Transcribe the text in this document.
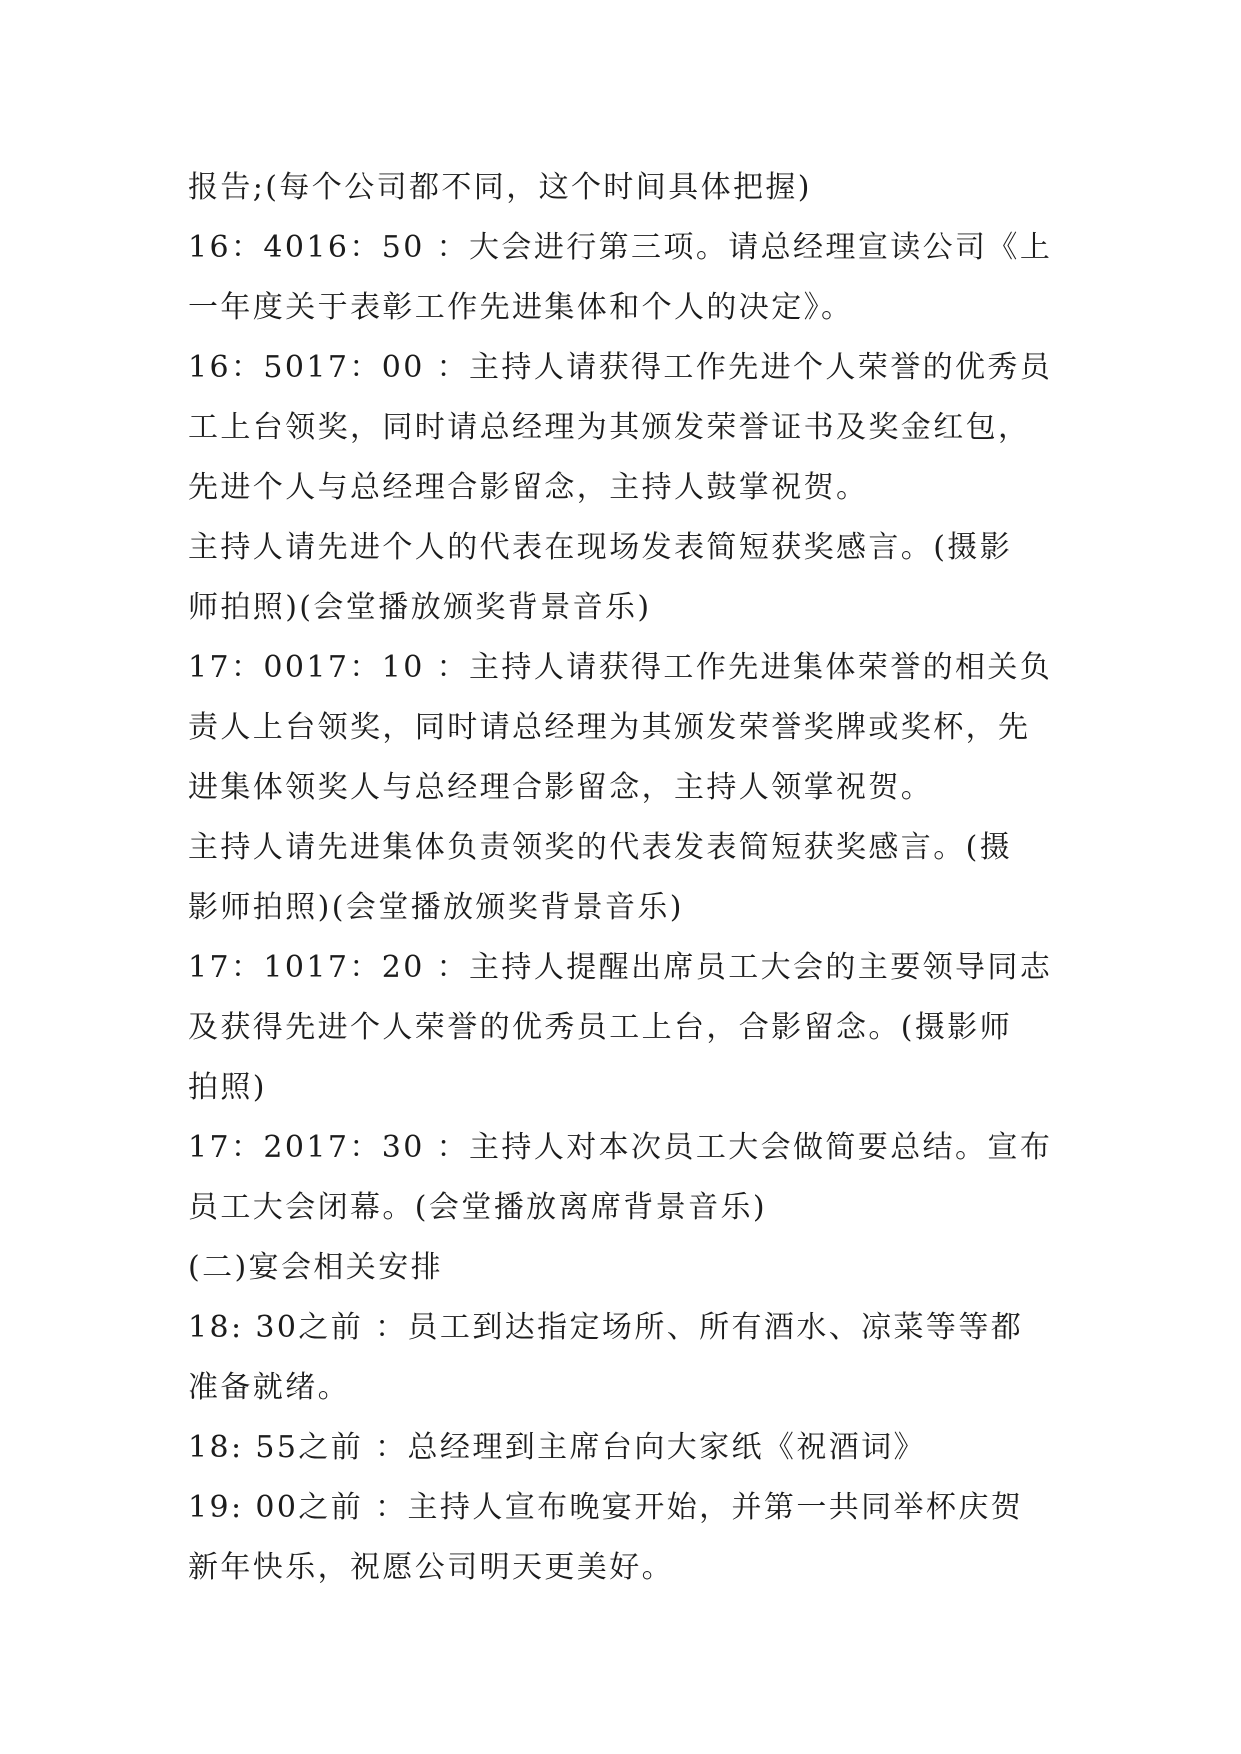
报告;(每个公司都不同，这个时间具体把握)
16：4016：50 ：大会进行第三项。请总经理宣读公司《上
一年度关于表彰工作先进集体和个人的决定》。
16：5017：00 ：主持人请获得工作先进个人荣誉的优秀员
工上台领奖，同时请总经理为其颁发荣誉证书及奖金红包，
先进个人与总经理合影留念，主持人鼓掌祝贺。
主持人请先进个人的代表在现场发表简短获奖感言。(摄影
师拍照)(会堂播放颁奖背景音乐)
17：0017：10 ：主持人请获得工作先进集体荣誉的相关负
责人上台领奖，同时请总经理为其颁发荣誉奖牌或奖杯，先
进集体领奖人与总经理合影留念，主持人领掌祝贺。
主持人请先进集体负责领奖的代表发表简短获奖感言。(摄
影师拍照)(会堂播放颁奖背景音乐)
17：1017：20 ：主持人提醒出席员工大会的主要领导同志
及获得先进个人荣誉的优秀员工上台，合影留念。(摄影师
拍照)
17：2017：30 ：主持人对本次员工大会做简要总结。宣布
员工大会闭幕。(会堂播放离席背景音乐)
(二)宴会相关安排
18: 30之前 ：员工到达指定场所、所有酒水、凉菜等等都
准备就绪。
18: 55之前 ：总经理到主席台向大家纸《祝酒词》
19: 00之前 ：主持人宣布晚宴开始，并第一共同举杯庆贺
新年快乐，祝愿公司明天更美好。
